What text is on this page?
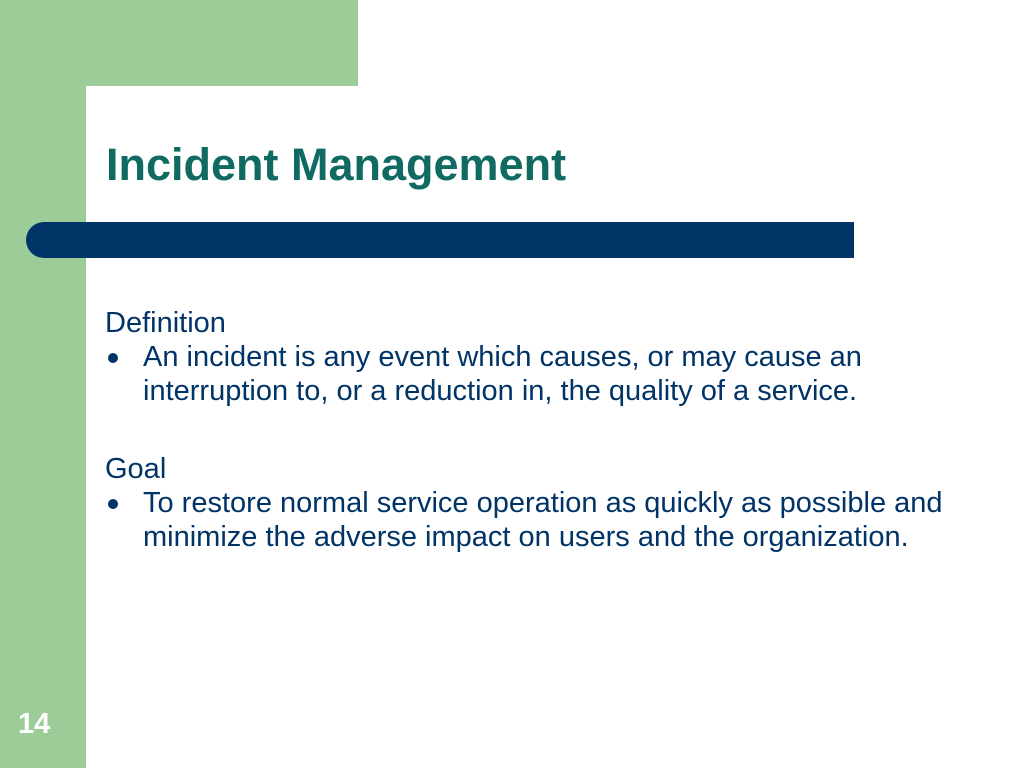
Incident Management

Definition

An incident is any event which causes, or may cause an interruption to, or a reduction in, the quality of a service.

Goal

To restore normal service operation as quickly as possible and minimize the adverse impact on users and the organization.
14
